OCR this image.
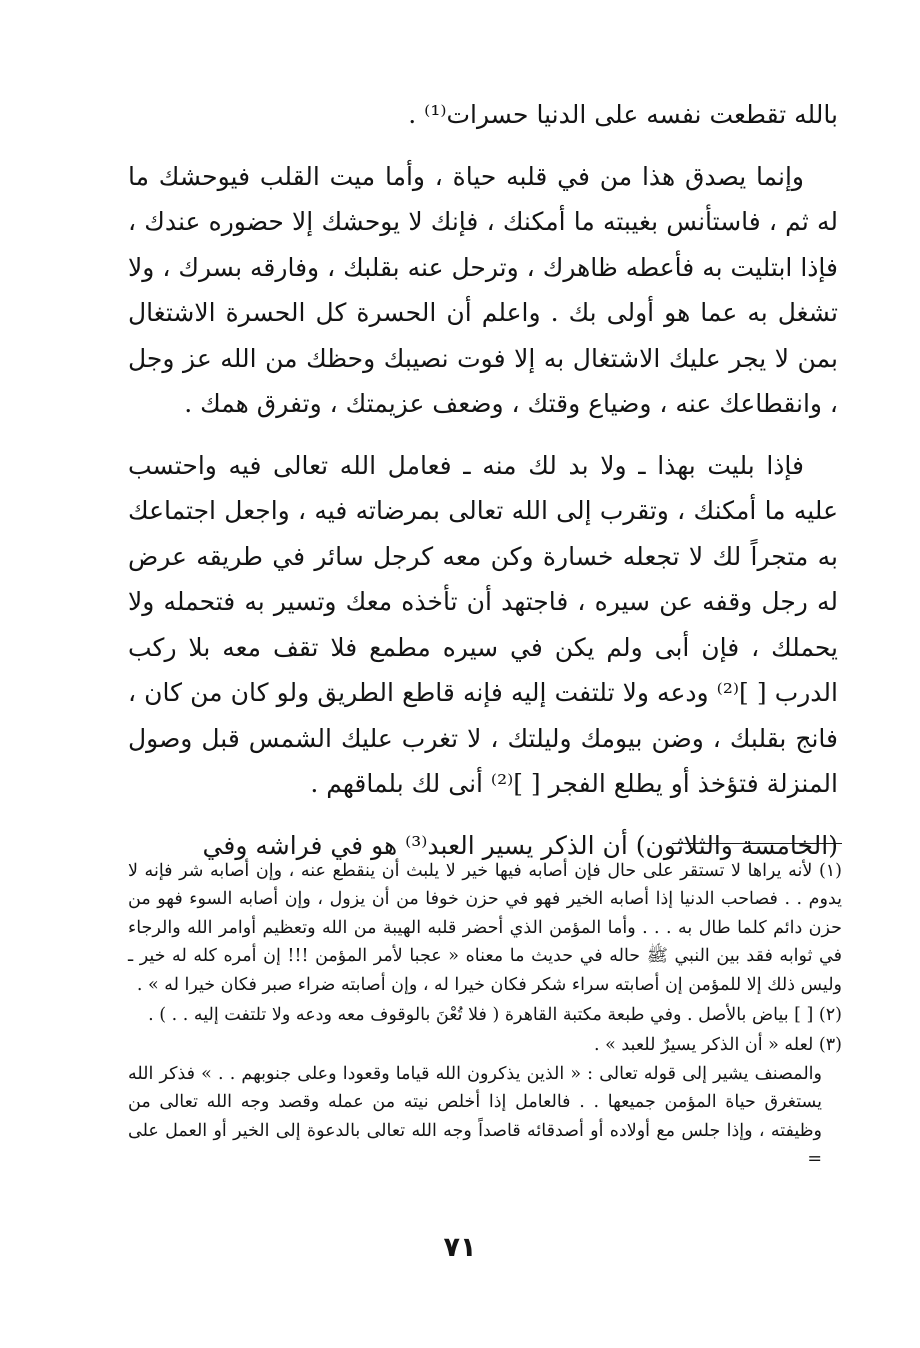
بالله تقطعت نفسه على الدنيا حسرات⁽¹⁾ .

وإنما يصدق هذا من في قلبه حياة ، وأما ميت القلب فيوحشك ما له ثم ، فاستأنس بغيبته ما أمكنك ، فإنك لا يوحشك إلا حضوره عندك ، فإذا ابتليت به فأعطه ظاهرك ، وترحل عنه بقلبك ، وفارقه بسرك ، ولا تشغل به عما هو أولى بك . واعلم أن الحسرة كل الحسرة الاشتغال بمن لا يجر عليك الاشتغال به إلا فوت نصيبك وحظك من الله عز وجل ، وانقطاعك عنه ، وضياع وقتك ، وضعف عزيمتك ، وتفرق همك .

فإذا بليت بهذا ـ ولا بد لك منه ـ فعامل الله تعالى فيه واحتسب عليه ما أمكنك ، وتقرب إلى الله تعالى بمرضاته فيه ، واجعل اجتماعك به متجراً لك لا تجعله خسارة وكن معه كرجل سائر في طريقه عرض له رجل وقفه عن سيره ، فاجتهد أن تأخذه معك وتسير به فتحمله ولا يحملك ، فإن أبى ولم يكن في سيره مطمع فلا تقف معه بلا ركب الدرب [ ]⁽²⁾ ودعه ولا تلتفت إليه فإنه قاطع الطريق ولو كان من كان ، فانج بقلبك ، وضن بيومك وليلتك ، لا تغرب عليك الشمس قبل وصول المنزلة فتؤخذ أو يطلع الفجر [ ]⁽²⁾ أنى لك بلماقهم .

(الخامسة والثلاثون) أن الذكر يسير العبد⁽³⁾ هو في فراشه وفي

(١) لأنه يراها لا تستقر على حال فإن أصابه فيها خير لا يلبث أن ينقطع عنه ، وإن أصابه شر فإنه لا يدوم . . فصاحب الدنيا إذا أصابه الخير فهو في حزن خوفا من أن يزول ، وإن أصابه السوء فهو من حزن دائم كلما طال به . . . وأما المؤمن الذي أحضر قلبه الهيبة من الله وتعظيم أوامر الله والرجاء في ثوابه فقد بين النبي ﷺ حاله في حديث ما معناه « عجبا لأمر المؤمن !!! إن أمره كله له خير ـ وليس ذلك إلا للمؤمن إن أصابته سراء شكر فكان خيرا له ، وإن أصابته ضراء صبر فكان خيرا له » .

(٢) [ ] بياض بالأصل . وفي طبعة مكتبة القاهرة ( فلا تُعْنَ بالوقوف معه ودعه ولا تلتفت إليه . . ) .

(٣) لعله « أن الذكر يسيرٌ للعبد » .

والمصنف يشير إلى قوله تعالى : « الذين يذكرون الله قياما وقعودا وعلى جنوبهم . . » فذكر الله يستغرق حياة المؤمن جميعها . . فالعامل إذا أخلص نيته من عمله وقصد وجه الله تعالى من وظيفته ، وإذا جلس مع أولاده أو أصدقائه قاصداً وجه الله تعالى بالدعوة إلى الخير أو العمل على =

٧١
